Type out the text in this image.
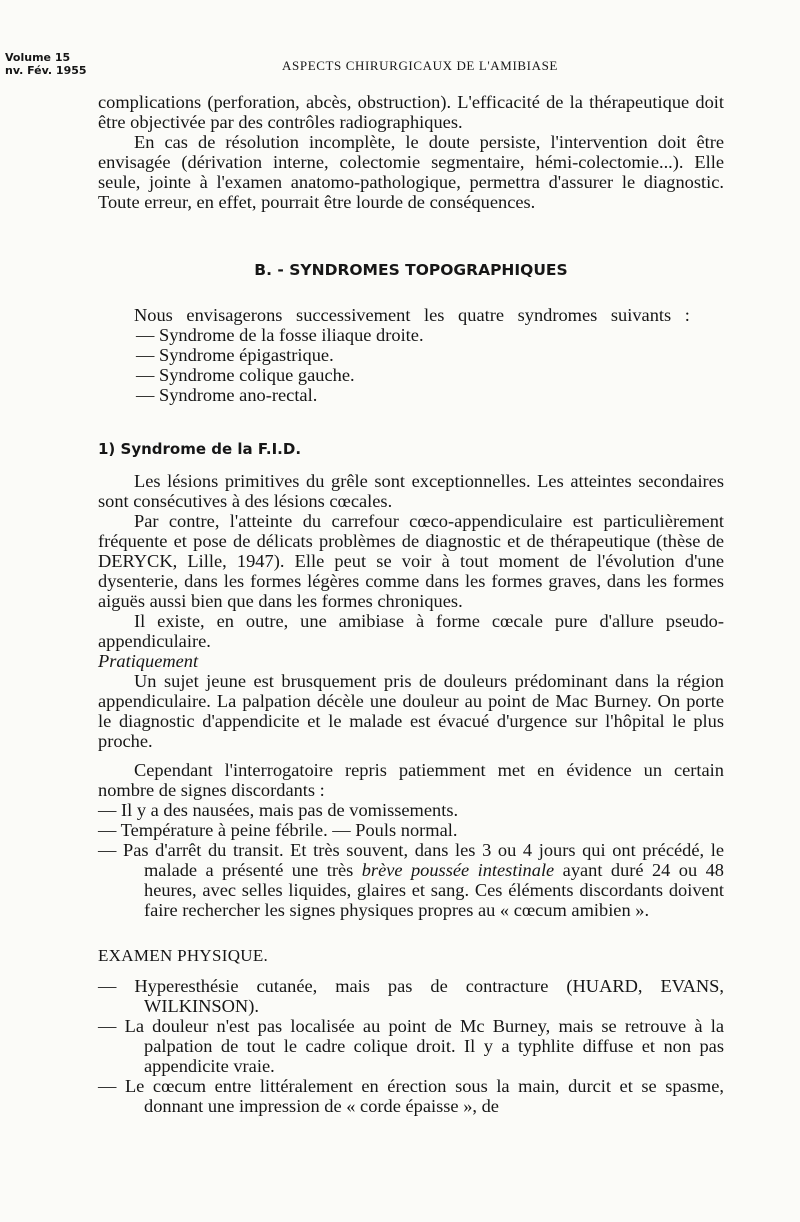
Volume 15
nv. Fév. 1955	ASPECTS CHIRURGICAUX DE L'AMIBIASE

complications (perforation, abcès, obstruction). L'efficacité de la thérapeutique doit être objectivée par des contrôles radiographiques.

En cas de résolution incomplète, le doute persiste, l'intervention doit être envisagée (dérivation interne, colectomie segmentaire, hémi-colectomie...). Elle seule, jointe à l'examen anatomo-pathologique, permettra d'assurer le diagnostic. Toute erreur, en effet, pourrait être lourde de conséquences.

B. - SYNDROMES TOPOGRAPHIQUES

Nous envisagerons successivement les quatre syndromes suivants :

— Syndrome de la fosse iliaque droite.
— Syndrome épigastrique.
— Syndrome colique gauche.
— Syndrome ano-rectal.
1) Syndrome de la F.I.D.

Les lésions primitives du grêle sont exceptionnelles. Les atteintes secondaires sont consécutives à des lésions cœcales.

Par contre, l'atteinte du carrefour cœco-appendiculaire est particulièrement fréquente et pose de délicats problèmes de diagnostic et de thérapeutique (thèse de DERYCK, Lille, 1947). Elle peut se voir à tout moment de l'évolution d'une dysenterie, dans les formes légères comme dans les formes graves, dans les formes aiguës aussi bien que dans les formes chroniques.

Il existe, en outre, une amibiase à forme cœcale pure d'allure pseudo-appendiculaire.

Pratiquement

Un sujet jeune est brusquement pris de douleurs prédominant dans la région appendiculaire. La palpation décèle une douleur au point de Mac Burney. On porte le diagnostic d'appendicite et le malade est évacué d'urgence sur l'hôpital le plus proche.

Cependant l'interrogatoire repris patiemment met en évidence un certain nombre de signes discordants :

— Il y a des nausées, mais pas de vomissements.

— Température à peine fébrile. — Pouls normal.

— Pas d'arrêt du transit. Et très souvent, dans les 3 ou 4 jours qui ont précédé, le malade a présenté une très brève poussée intestinale ayant duré 24 ou 48 heures, avec selles liquides, glaires et sang. Ces éléments discordants doivent faire rechercher les signes physiques propres au « cœcum amibien ».

EXAMEN PHYSIQUE.

— Hyperesthésie cutanée, mais pas de contracture (HUARD, EVANS, WILKINSON).

— La douleur n'est pas localisée au point de Mc Burney, mais se retrouve à la palpation de tout le cadre colique droit. Il y a typhlite diffuse et non pas appendicite vraie.

— Le cœcum entre littéralement en érection sous la main, durcit et se spasme, donnant une impression de « corde épaisse », de
